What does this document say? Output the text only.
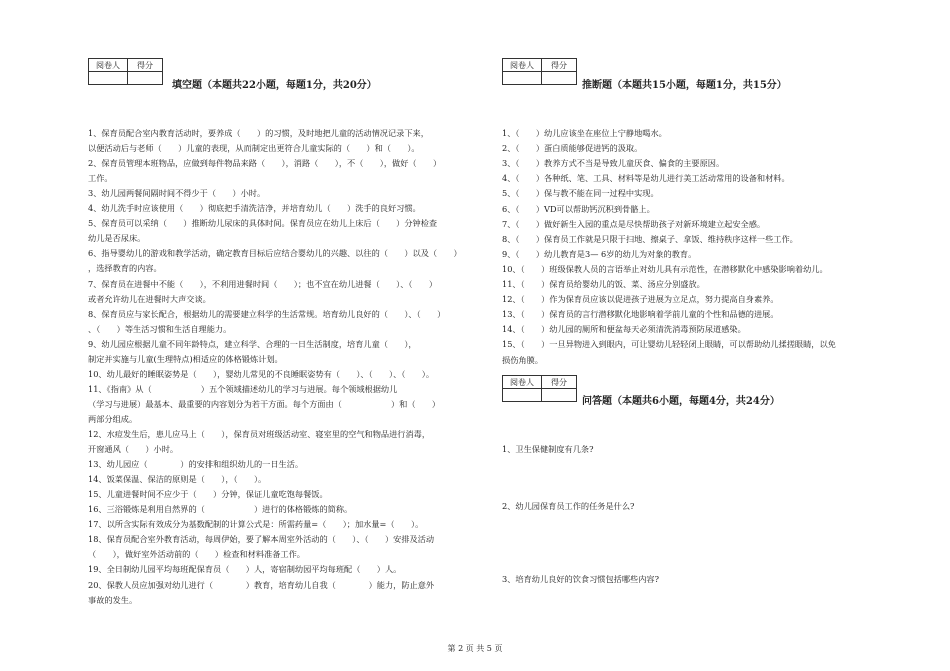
阅卷人	得分

填空题（本题共22小题，每题1分，共20分）
1、保育员配合室内教育活动时，要养成（　　）的习惯，及时地把儿童的活动情况记录下来，
以便活动后与老师（　　）儿童的表现，从而制定出更符合儿童实际的（　　）和（　　）。
2、保育员管理本班物品，应做到每件物品来路（　　），消路（　　），不（　　），做好（　　）
工作。
3、幼儿园两餐间隔时间不得少于（　　）小时。
4、幼儿洗手时应该使用（　　）彻底把手清洗洁净，并培育幼儿（　　）洗手的良好习惯。
5、保育员可以采纳（　　）推断幼儿尿床的具体时间。保育员应在幼儿上床后（　　）分钟检查
幼儿是否尿床。
6、指导婴幼儿的游戏和教学活动，确定教育目标后应结合婴幼儿的兴趣、以往的（　　）以及（　　）
，选择教育的内容。
7、保育员在进餐中不能（　　），不利用进餐时间（　　）；也不宜在幼儿进餐（　　）、（　　）
或者允许幼儿在进餐时大声交谈。
8、保育员应与家长配合，根据幼儿的需要建立科学的生活常规。培育幼儿良好的（　　）、（　　）
、（　　）等生活习惯和生活自理能力。
9、幼儿园应根据儿童不同年龄特点，建立科学、合理的一日生活制度，培育儿童（　　），
制定并实施与儿童(生理特点)相适应的体格锻炼计划。
10、幼儿最好的睡眠姿势是（　　），婴幼儿常见的不良睡眠姿势有（　　）、（　　）、（　　）。
11、《指南》从（　　　　　　）五个领域描述幼儿的学习与进展。每个领域根据幼儿
（学习与进展）最基本、最重要的内容划分为若干方面。每个方面由（　　　　　　）和（　　）
两部分组成。
12、水痘发生后，患儿应马上（　　），保育员对班级活动室、寝室里的空气和物品进行消毒，
开窗通风（　　）小时。
13、幼儿园应（　　　　）的安排和组织幼儿的一日生活。
14、饭菜保温、保洁的原则是（　　），（　　）。
15、儿童进餐时间不应少于（　　）分钟，保证儿童吃饱每餐饭。
16、三浴锻炼是利用自然界的（　　　　　　）进行的体格锻炼的简称。
17、以所含实际有效成分为基数配制的计算公式是：所需药量=（　　）；加水量=（　　）。
18、保育员配合室外教育活动，每周伊始，要了解本周室外活动的（　　）、（　　）安排及活动
（　　），做好室外活动前的（　　）检查和材料准备工作。
19、全日制幼儿园平均每班配保育员（　　）人，寄宿制幼园平均每班配（　　）人。
20、保教人员应加强对幼儿进行（　　　　）教育，培育幼儿自我（　　　　）能力，防止意外
事故的发生。
阅卷人	得分

推断题（本题共15小题，每题1分，共15分）
1、（　　）幼儿应该坐在座位上宁静地喝水。
2、（　　）蛋白质能够促进钙的汲取。
3、（　　）教养方式不当是导致儿童厌食、偏食的主要原因。
4、（　　）各种纸、笔、工具、材料等是幼儿进行美工活动常用的设备和材料。
5、（　　）保与教不能在同一过程中实现。
6、（　　）VD可以帮助钙沉积到骨骼上。
7、（　　）做好新生入园的重点是尽快帮助孩子对新环境建立起安全感。
8、（　　）保育员工作就是只限于扫地、擦桌子、拿饭、维持秩序这样一些工作。
9、（　　）幼儿教育是3— 6岁的幼儿为对象的教育。
10、（　　）班级保教人员的言语举止对幼儿具有示范性，在潜移默化中感染影响着幼儿。
11、（　　）保育员给婴幼儿的饭、菜、汤应分别盛放。
12、（　　）作为保育员应该以促进孩子进展为立足点，努力提高自身素养。
13、（　　）保育员的言行潜移默化地影响着学前儿童的个性和品德的进展。
14、（　　）幼儿园的厕所和便盆每天必须清洗消毒预防尿道感染。
15、（　　）一旦异物进入到眼内，可让婴幼儿轻轻闭上眼睛，可以帮助幼儿揉搓眼睛，以免
损伤角膜。
阅卷人	得分

问答题（本题共6小题，每题4分，共24分）
1、卫生保健制度有几条?
2、幼儿园保育员工作的任务是什么?
3、培育幼儿良好的饮食习惯包括哪些内容?
第 2 页 共 5 页
